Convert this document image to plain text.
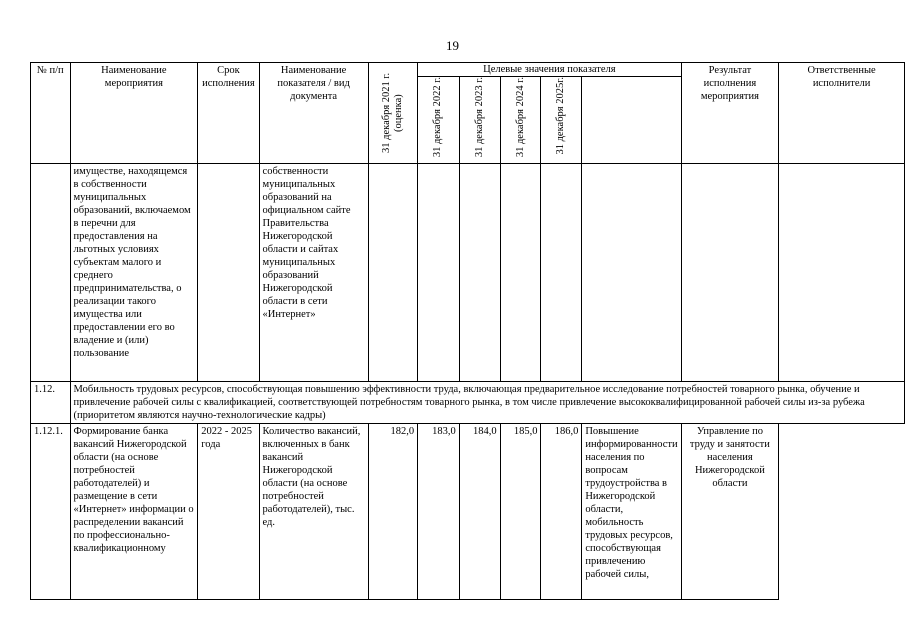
19
№ п/п	Наименование мероприятия	Срок исполнения	Наименование показателя / вид документа	31 декабря 2021 г. (оценка)	Целевые значения показателя					Результат исполнения мероприятия	Ответственные исполнители

					31 декабря 2022 г.	31 декабря 2023 г.	31 декабря 2024 г.	31 декабря 2025г.			

	имуществе, находящемся в собственности муниципальных образований, включаемом в перечни для предоставления на льготных условиях субъектам малого и среднего предпринимательства, о реализации такого имущества или предоставлении его во владение и (или) пользование		собственности муниципальных образований на официальном сайте Правительства Нижегородской области и сайтах муниципальных образований Нижегородской области в сети «Интернет»								
1.12.	Мобильность трудовых ресурсов, способствующая повышению эффективности труда, включающая предварительное исследование потребностей товарного рынка, обучение и привлечение рабочей силы с квалификацией, соответствующей потребностям товарного рынка, в том числе привлечение высококвалифицированной рабочей силы из-за рубежа (приоритетом являются научно-технологические кадры)										
1.12.1.	Формирование банка вакансий Нижегородской области (на основе потребностей работодателей) и размещение в сети «Интернет» информации о распределении вакансий по профессионально-квалификационному	2022 - 2025 года	Количество вакансий, включенных в банк вакансий Нижегородской области (на основе потребностей работодателей), тыс. ед.	182,0	183,0	184,0	185,0	186,0	Повышение информированности населения по вопросам трудоустройства в Нижегородской области, мобильность трудовых ресурсов, способствующая привлечению рабочей силы,	Управление по труду и занятости населения Нижегородской области	
